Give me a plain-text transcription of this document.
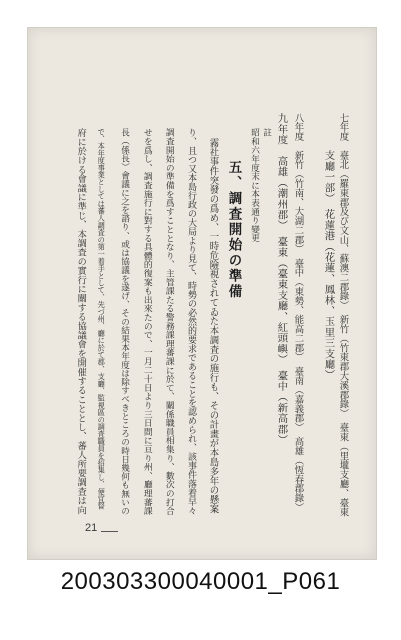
七年度　臺北（羅東郡及び文山、蘇澳二郡錄）　新竹（竹東郡大溪郡錄）　臺東（里壠支廳、臺東
支廳一部）　花蓮港（花蓮、鳳林、玉里三支廳）
八年度　新竹（竹南、大湖二郡）　臺中（東勢、能高二郡）　臺南（嘉義郡）　高雄（恆春郡錄）
九年度　高雄（潮州郡）　臺東（臺東支廳、紅頭嶼）　臺中（新高郡）
註
昭和六年度末に本表通り變更
五、調査開始の準備
霧社事件突發の爲め、一時危險視されてゐた本調査の施行も、その計畫が本島多年の懸案
り、且つ又本島行政の大局より見て、時勢の必然的要求であることを認められ、該事件落着早々
調査開始の準備を爲すこととなり、主管課たる警務課理蕃課に於て、關係職員相集り、數次の打合
せを爲し、調査施行に對する具體的復案も出來たので、一月二十日より三日間に亘り州、廳理蕃課
長（係長）會議に之を諮り、或は協議を遂げ、その結果本年度は除すべきところの時日幾何も無いの
で、本年度事業としては蕃人調査の第一着手として、先づ州、廳に於て郡、支廳、監視區の調査職員を招集し、便宜督
府に於ける會議に準じ、本調査の實行に關する協議會を開催することとし、蕃人所要調査は向
21
200303300040001_P061
